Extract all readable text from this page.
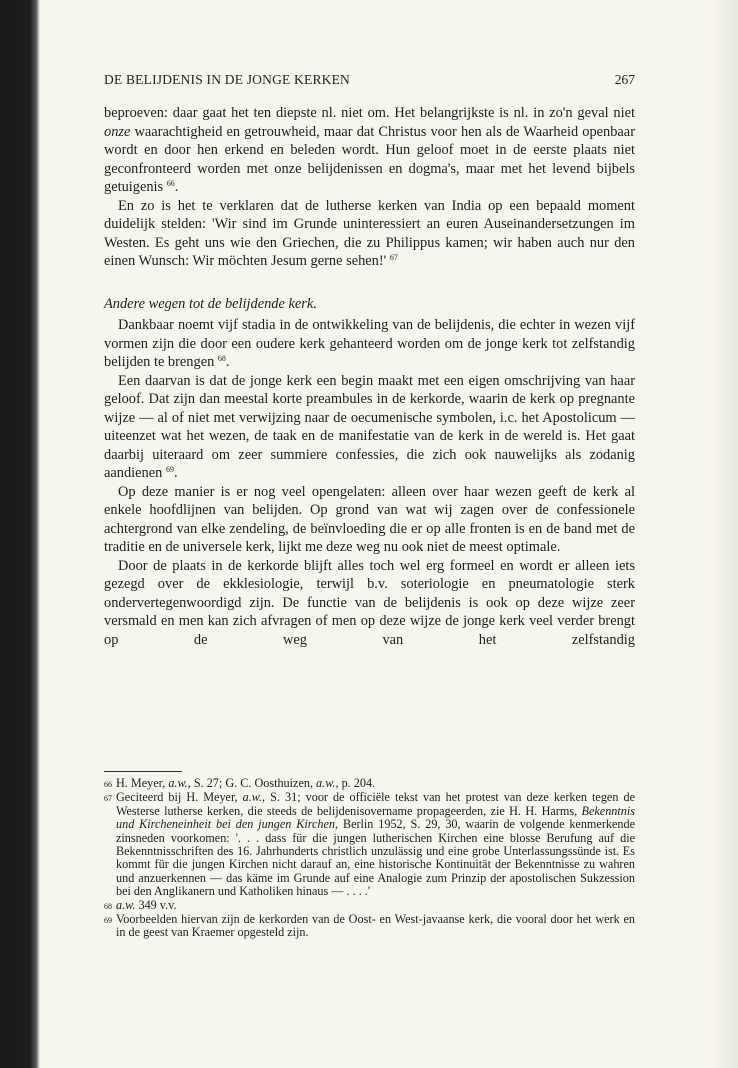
DE BELIJDENIS IN DE JONGE KERKEN	267

beproeven: daar gaat het ten diepste nl. niet om. Het belangrijkste is nl. in zo'n geval niet onze waarachtigheid en getrouwheid, maar dat Christus voor hen als de Waarheid openbaar wordt en door hen erkend en beleden wordt. Hun geloof moet in de eerste plaats niet geconfronteerd worden met onze belijdenissen en dogma's, maar met het levend bijbels getuigenis $^{66}$.

En zo is het te verklaren dat de lutherse kerken van India op een bepaald moment duidelijk stelden: 'Wir sind im Grunde uninteressiert an euren Auseinandersetzungen im Westen. Es geht uns wie den Griechen, die zu Philippus kamen; wir haben auch nur den einen Wunsch: Wir möchten Jesum gerne sehen!' $^{67}$

Andere wegen tot de belijdende kerk.

Dankbaar noemt vijf stadia in de ontwikkeling van de belijdenis, die echter in wezen vijf vormen zijn die door een oudere kerk gehanteerd worden om de jonge kerk tot zelfstandig belijden te brengen $^{68}$.

Een daarvan is dat de jonge kerk een begin maakt met een eigen omschrijving van haar geloof. Dat zijn dan meestal korte preambules in de kerkorde, waarin de kerk op pregnante wijze — al of niet met verwijzing naar de oecumenische symbolen, i.c. het Apostolicum — uiteenzet wat het wezen, de taak en de manifestatie van de kerk in de wereld is. Het gaat daarbij uiteraard om zeer summiere confessies, die zich ook nauwelijks als zodanig aandienen $^{69}$.

Op deze manier is er nog veel opengelaten: alleen over haar wezen geeft de kerk al enkele hoofdlijnen van belijden. Op grond van wat wij zagen over de confessionele achtergrond van elke zendeling, de beïnvloeding die er op alle fronten is en de band met de traditie en de universele kerk, lijkt me deze weg nu ook niet de meest optimale.

Door de plaats in de kerkorde blijft alles toch wel erg formeel en wordt er alleen iets gezegd over de ekklesiologie, terwijl b.v. soteriologie en pneumatologie sterk ondervertegenwoordigd zijn. De functie van de belijdenis is ook op deze wijze zeer versmald en men kan zich afvragen of men op deze wijze de jonge kerk veel verder brengt op de weg van het zelfstandig

66 H. Meyer, a.w., S. 27; G. C. Oosthuizen, a.w., p. 204.
67 Geciteerd bij H. Meyer, a.w., S. 31; voor de officiële tekst van het protest van deze kerken tegen de Westerse lutherse kerken, die steeds de belijdenisovername propageerden, zie H. H. Harms, Bekenntnis und Kircheneinheit bei den jungen Kirchen, Berlin 1952, S. 29, 30, waarin de volgende kenmerkende zinsneden voorkomen: '. . . dass für die jungen lutherischen Kirchen eine blosse Berufung auf die Bekenntnisschriften des 16. Jahrhunderts christlich unzulässig und eine grobe Unterlassungssünde ist. Es kommt für die jungen Kirchen nicht darauf an, eine historische Kontinuität der Bekenntnisse zu wahren und anzuerkennen — das käme im Grunde auf eine Analogie zum Prinzip der apostolischen Sukzession bei den Anglikanern und Katholiken hinaus — . . . .'
68 a.w. 349 v.v.
69 Voorbeelden hiervan zijn de kerkorden van de Oost- en West-javaanse kerk, die vooral door het werk en in de geest van Kraemer opgesteld zijn.
